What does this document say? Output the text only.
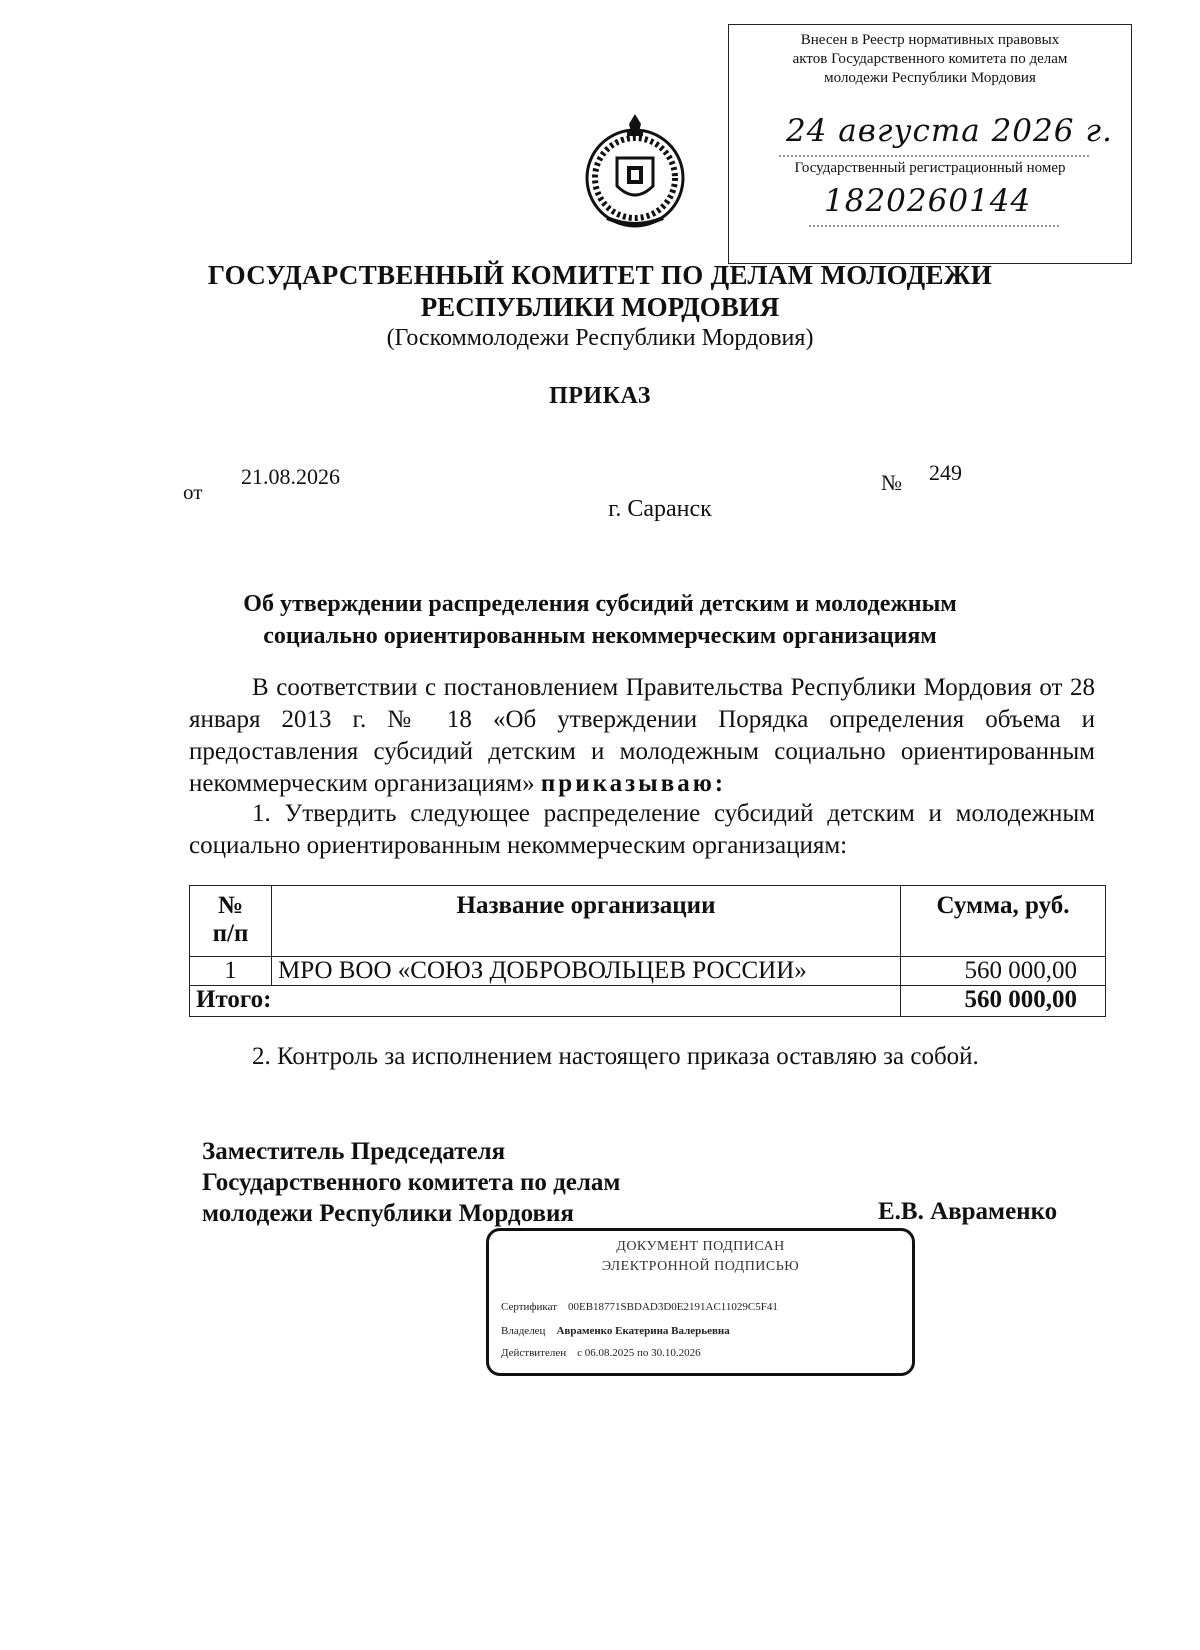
Внесен в Реестр нормативных правовых
актов Государственного комитета по делам
молодежи Республики Мордовия
24 августа 2026 г.
Государственный регистрационный номер
1820260144
ГОСУДАРСТВЕННЫЙ КОМИТЕТ ПО ДЕЛАМ МОЛОДЕЖИ
РЕСПУБЛИКИ МОРДОВИЯ
(Госкоммолодежи Республики Мордовия)
ПРИКАЗ
от
21.08.2026	№ 249
г. Саранск
Об утверждении распределения субсидий детским и молодежным
социально ориентированным некоммерческим организациям
В соответствии с постановлением Правительства Республики Мордовия от 28 января 2013 г. № 18 «Об утверждении Порядка определения объема и предоставления субсидий детским и молодежным социально ориентированным некоммерческим организациям» приказываю:
1. Утвердить следующее распределение субсидий детским и молодежным социально ориентированным некоммерческим организациям:
№
п/п	Название организации	Сумма, руб.
1	МРО ВОО «СОЮЗ ДОБРОВОЛЬЦЕВ РОССИИ»	560 000,00
Итого:		560 000,00
2. Контроль за исполнением настоящего приказа оставляю за собой.
Заместитель Председателя
Государственного комитета по делам
молодежи Республики Мордовия	Е.В. Авраменко
ДОКУМЕНТ ПОДПИСАН
ЭЛЕКТРОННОЙ ПОДПИСЬЮ
Сертификат 00EB18771SBDAD3D0E2191AC11029C5F41
Владелец Авраменко Екатерина Валерьевна
Действителен с 06.08.2025 по 30.10.2026
